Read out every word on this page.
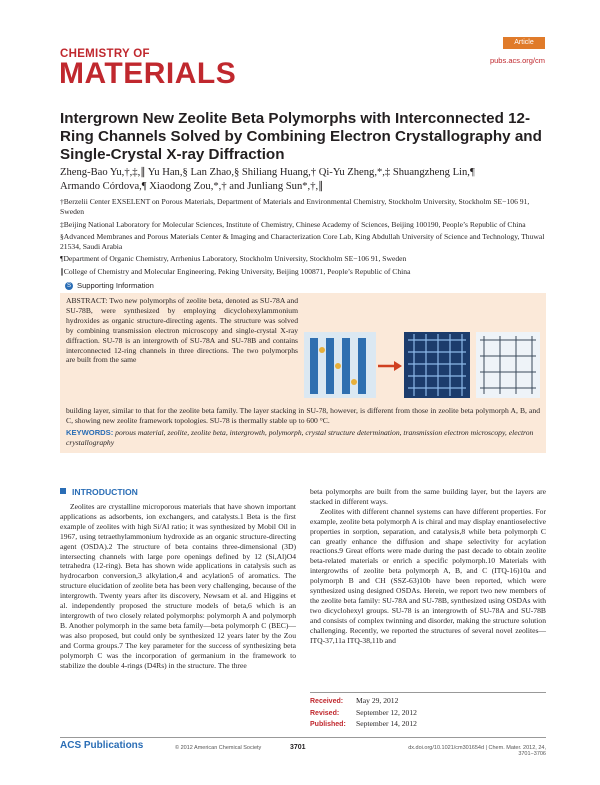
CHEMISTRY OF
MATERIALS
Article
pubs.acs.org/cm
Intergrown New Zeolite Beta Polymorphs with Interconnected 12-Ring Channels Solved by Combining Electron Crystallography and Single-Crystal X-ray Diffraction
Zheng-Bao Yu,†,‡,∥ Yu Han,§ Lan Zhao,§ Shiliang Huang,† Qi-Yu Zheng,*,‡ Shuangzheng Lin,¶
Armando Córdova,¶ Xiaodong Zou,*,† and Junliang Sun*,†,∥

†Berzelii Center EXSELENT on Porous Materials, Department of Materials and Environmental Chemistry, Stockholm University, Stockholm SE−106 91, Sweden

‡Beijing National Laboratory for Molecular Sciences, Institute of Chemistry, Chinese Academy of Sciences, Beijing 100190, People’s Republic of China

§Advanced Membranes and Porous Materials Center & Imaging and Characterization Core Lab, King Abdullah University of Science and Technology, Thuwal 21534, Saudi Arabia

¶Department of Organic Chemistry, Arrhenius Laboratory, Stockholm University, Stockholm SE−106 91, Sweden

∥College of Chemistry and Molecular Engineering, Peking University, Beijing 100871, People’s Republic of China

S Supporting Information
ABSTRACT: Two new polymorphs of zeolite beta, denoted as SU-78A and SU-78B, were synthesized by employing dicyclohexylammonium hydroxides as organic structure-directing agents. The structure was solved by combining transmission electron microscopy and single-crystal X-ray diffraction. SU-78 is an intergrowth of SU-78A and SU-78B and contains interconnected 12-ring channels in three directions. The two polymorphs are built from the same
building layer, similar to that for the zeolite beta family. The layer stacking in SU-78, however, is different from those in zeolite beta polymorph A, B, and C, showing new zeolite framework topologies. SU-78 is thermally stable up to 600 °C.
KEYWORDS: porous material, zeolite, zeolite beta, intergrowth, polymorph, crystal structure determination, transmission electron microscopy, electron crystallography
INTRODUCTION

Zeolites are crystalline microporous materials that have shown important applications as adsorbents, ion exchangers, and catalysts.1 Beta is the first example of zeolites with high Si/Al ratio; it was synthesized by Mobil Oil in 1967, using tetraethylammonium hydroxide as an organic structure-directing agent (OSDA).2 The structure of beta contains three-dimensional (3D) intersecting channels with large pore openings defined by 12 (Si,Al)O4 tetrahedra (12-ring). Beta has shown wide applications in catalysis such as hydrocarbon conversion,3 alkylation,4 and acylation5 of aromatics. The structure elucidation of zeolite beta has been very challenging, because of the intergrowth. Twenty years after its discovery, Newsam et al. and Higgins et al. independently proposed the structure models of beta,6 which is an intergrowth of two closely related polymorphs: polymorph A and polymorph B. Another polymorph in the same beta family—beta polymorph C (BEC)—was also proposed, but could only be synthesized 12 years later by the Zou and Corma groups.7 The key parameter for the success of synthesizing beta polymorph C was the incorporation of germanium in the framework to stabilize the double 4-rings (D4Rs) in the structure. The three

beta polymorphs are built from the same building layer, but the layers are stacked in different ways.

Zeolites with different channel systems can have different properties. For example, zeolite beta polymorph A is chiral and may display enantioselective properties in sorption, separation, and catalysis,8 while beta polymorph C can greatly enhance the diffusion and shape selectivity for acylation reactions.9 Great efforts were made during the past decade to obtain zeolite beta-related materials or enrich a specific polymorph.10 Materials with intergrowths of zeolite beta polymorph A, B, and C (ITQ-16)10a and polymorph B and CH (SSZ-63)10b have been reported, which were synthesized using designed OSDAs. Herein, we report two new members of the zeolite beta family: SU-78A and SU-78B, synthesized using OSDAs with two dicyclohexyl groups. SU-78 is an intergrowth of SU-78A and SU-78B and consists of complex twinning and disorder, making the structure solution challenging. Recently, we reported the structures of several novel zeolites—ITQ-37,11a ITQ-38,11b and

Received: May 29, 2012
Revised: September 12, 2012
Published: September 14, 2012
ACS Publications	© 2012 American Chemical Society	3701	dx.doi.org/10.1021/cm301654d | Chem. Mater. 2012, 24, 3701−3706
